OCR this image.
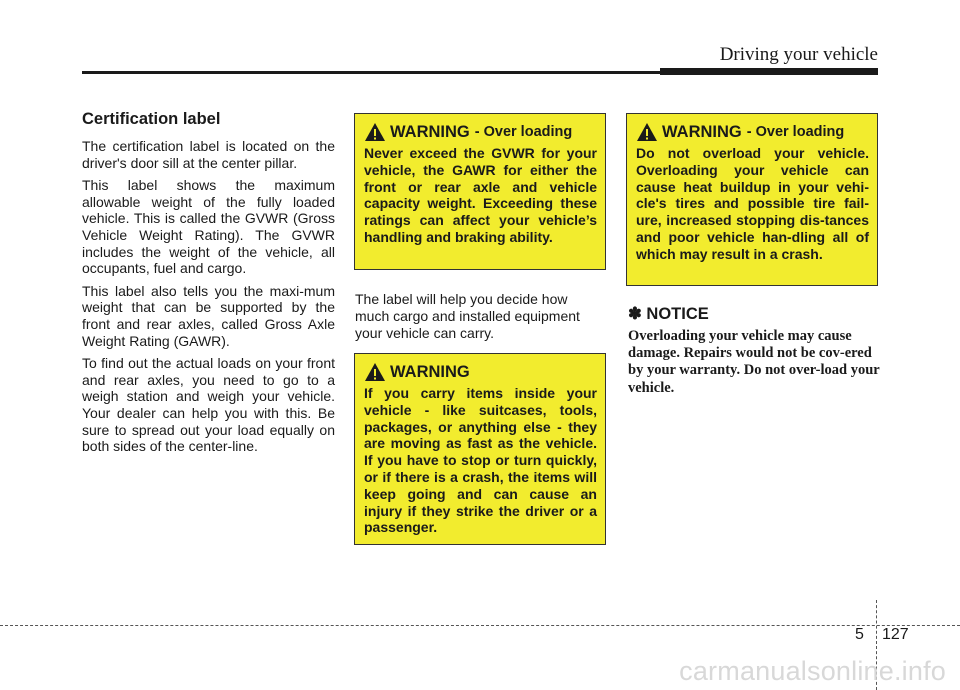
Driving your vehicle
Certification label

The certification label is located on the driver's door sill at the center pillar.

This label shows the maximum allowable weight of the fully loaded vehicle. This is called the GVWR (Gross Vehicle Weight Rating). The GVWR includes the weight of the vehicle, all occupants, fuel and cargo.

This label also tells you the maxi-mum weight that can be supported by the front and rear axles, called Gross Axle Weight Rating (GAWR).

To find out the actual loads on your front and rear axles, you need to go to a weigh station and weigh your vehicle. Your dealer can help you with this. Be sure to spread out your load equally on both sides of the center-line.

WARNING - Over loading

Never exceed the GVWR for your vehicle, the GAWR for either the front or rear axle and vehicle capacity weight. Exceeding these ratings can affect your vehicle’s handling and braking ability.

The label will help you decide how much cargo and installed equipment your vehicle can carry.

WARNING

If you carry items inside your vehicle - like suitcases, tools, packages, or anything else - they are moving as fast as the vehicle. If you have to stop or turn quickly, or if there is a crash, the items will keep going and can cause an injury if they strike the driver or a passenger.

WARNING - Over loading

Do not overload your vehicle. Overloading your vehicle can cause heat buildup in your vehi-cle's tires and possible tire fail-ure, increased stopping dis-tances and poor vehicle han-dling all of which may result in a crash.

✽ NOTICE

Overloading your vehicle may cause damage. Repairs would not be cov-ered by your warranty. Do not over-load your vehicle.

5 127
carmanualsonline.info
